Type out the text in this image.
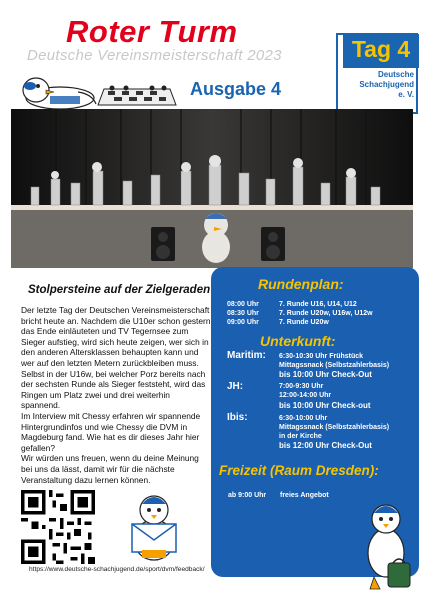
Roter Turm
Deutsche Vereinsmeisterschaft 2023
Ausgabe 4
Tag 4
Deutsche
Schachjugend
e. V.
Stolpersteine auf der Zielgeraden

Der letzte Tag der Deutschen Vereinsmeisterschaft bricht heute an. Nachdem die U10er schon gestern das Ende einläuteten und TV Tegernsee zum Sieger aufstieg, wird sich heute zeigen, wer sich in den anderen Altersklassen behaupten kann und wer auf den letzten Metern zurückbleiben muss. Selbst in der U16w, bei welcher Porz bereits nach der sechsten Runde als Sieger feststeht, wird das Ringen um Platz zwei und drei weiterhin spannend.

Im Interview mit Chessy erfahren wir spannende Hintergrundinfos und wie Chessy die DVM in Magdeburg fand. Wie hat es dir dieses Jahr hier gefallen?

Wir würden uns freuen, wenn du deine Meinung bei uns da lässt, damit wir für die nächste Veranstaltung dazu lernen können.

https://www.deutsche-schachjugend.de/sport/dvm/feedback/
Rundenplan:
08:00 Uhr	7. Runde U16, U14, U12
08:30 Uhr	7. Runde U20w, U16w, U12w
09:00 Uhr	7. Runde U20w
Unterkunft:
Maritim: 6:30-10:30 Uhr Frühstück
Mittagssnack (Selbstzahlerbasis)
bis 10:00 Uhr Check-Out
JH:	7:00-9:30 Uhr
12:00-14:00 Uhr
bis 10:00 Uhr Check-out
Ibis:	6:30-10:00 Uhr
Mittagssnack (Selbstzahlerbasis)
in der Kirche
bis 12:00 Uhr Check-Out
Freizeit (Raum Dresden):
ab 9:00 Uhr freies Angebot
